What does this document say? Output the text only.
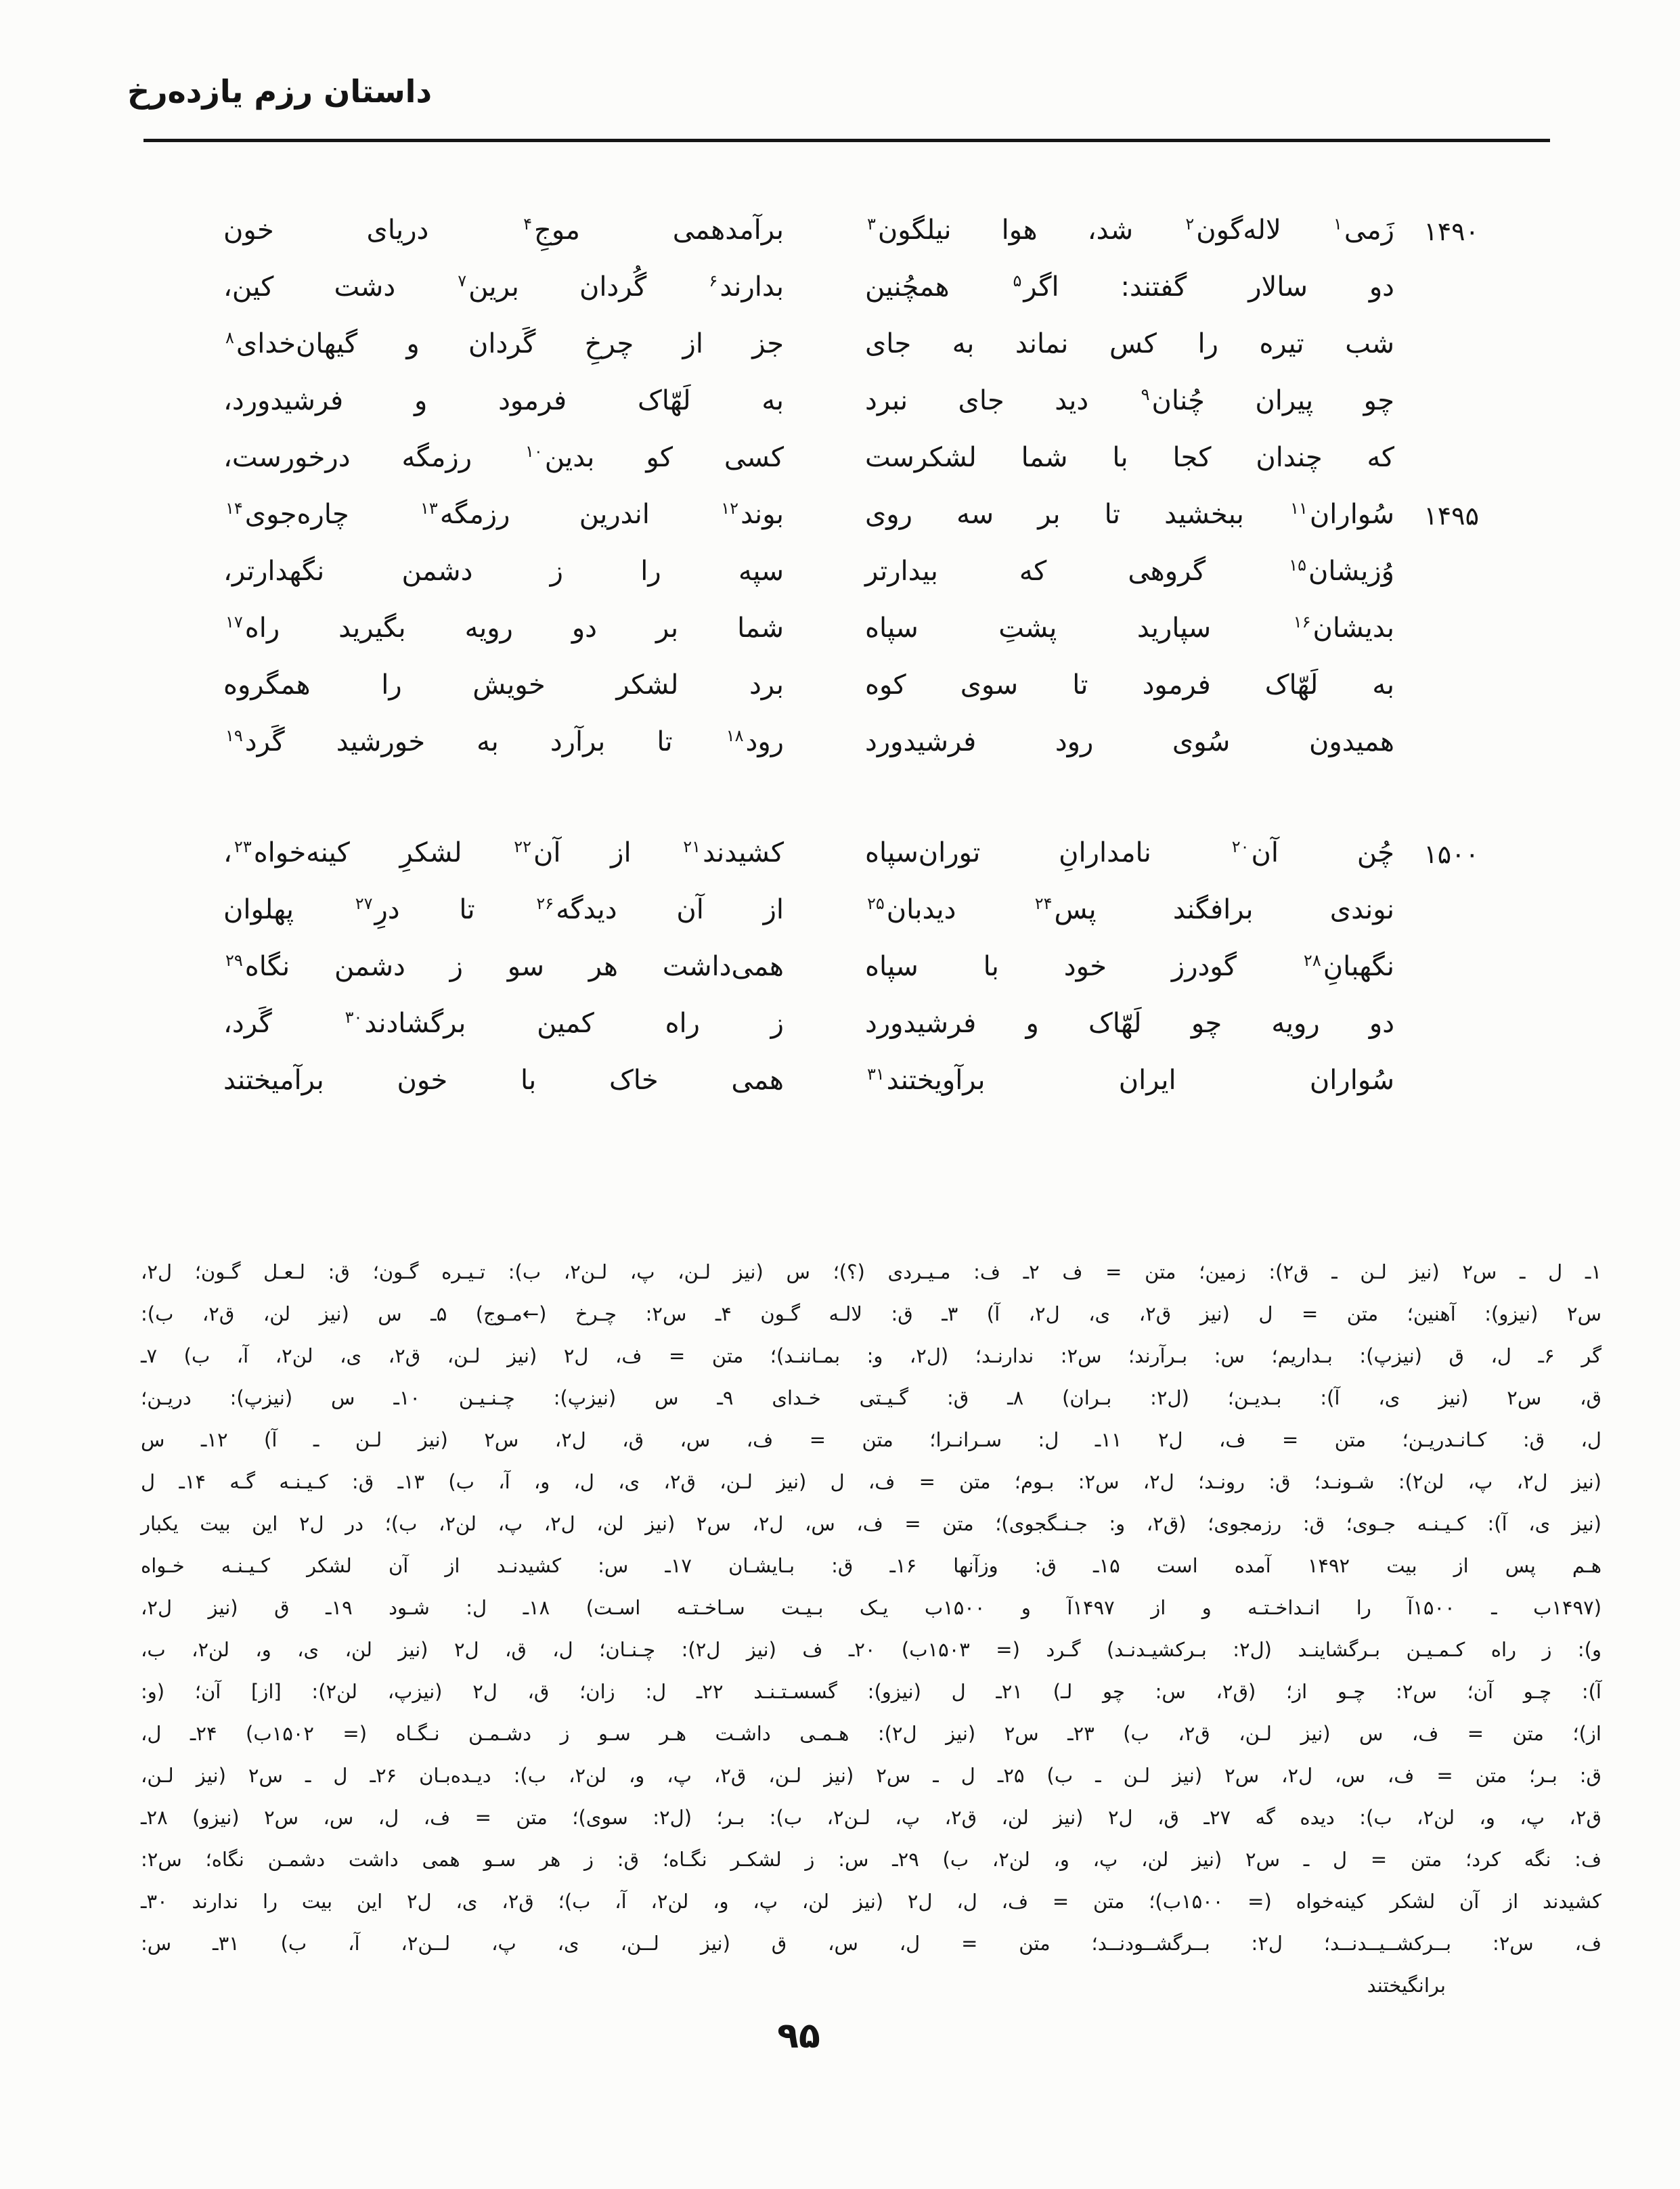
داستان رزم یازده‌رخ
۱۴۹۰
۱۴۹۵
۱۵۰۰
زَمی$^۱$ لاله‌گون$^۲$ شد، هوا نیلگون$^۳$
برآمدهمی موجِ$^۴$ دریای خون
دو سالار گفتند: اگر$^۵$ همچُنین
بدارند$^۶$ گُردان برین$^۷$ دشت کین،
شب تیره را کس نماند به جای
جز از چرخِ گَردان و گیهان‌خدای$^۸$
چو پیران چُنان$^۹$ دید جای نبرد
به لَهّاک فرمود و فرشیدورد،
که چندان کجا با شما لشکرست
کسی کو بدین$^{۱۰}$ رزمگه درخورست،
سُواران$^{۱۱}$ ببخشید تا بر سه روی
بوند$^{۱۲}$ اندرین رزمگه$^{۱۳}$ چاره‌جوی$^{۱۴}$
وُزیشان$^{۱۵}$ گروهی که بیدارتر
سپه را ز دشمن نگهدارتر،
بدیشان$^{۱۶}$ سپارید پشتِ سپاه
شما بر دو رویه بگیرید راه$^{۱۷}$
به لَهّاک فرمود تا سوی کوه
برد لشکر خویش را همگروه
همیدون سُوی رود فرشیدورد
رود$^{۱۸}$ تا برآرد به خورشید گَرد$^{۱۹}$
چُن آن$^{۲۰}$ نامدارانِ توران‌سپاه
کشیدند$^{۲۱}$ از آن$^{۲۲}$ لشکرِ کینه‌خواه$^{۲۳}$،
نوندی برافگند پس$^{۲۴}$ دیدبان$^{۲۵}$
از آن دیدگه$^{۲۶}$ تا درِ$^{۲۷}$ پهلوان
نگهبانِ$^{۲۸}$ گودرز خود با سپاه
همی‌داشت هر سو ز دشمن نگاه$^{۲۹}$
دو رویه چو لَهّاک و فرشیدورد
ز راه کمین برگشادند$^{۳۰}$ گَرد،
سُواران ایران برآویختند$^{۳۱}$
همی خاک با خون برآمیختند
۱ـ ل ـ س۲ (نیز لـن ـ ق۲): زمین؛ متن = ف ۲ـ ف: مـیـردی (؟)؛ س (نیز لـن، پ، لـن۲، ب): تـیـره گـون؛ ق: لـعـل گـون؛ ل۲،
س۲ (نیزو): آهنین؛ متن = ل (نیز ق۲، ی، ل۲، آ) ۳ـ ق: لالـه گـون ۴ـ س۲: چـرخ (←مـوج) ۵ـ س (نیز لن، ق۲، ب):
گر ۶ـ ل، ق (نیزپ): بـداریم؛ س: بـرآرند؛ س۲: ندارنـد؛ (ل۲، و: بمـاننـد)؛ متن = ف، ل۲ (نیز لـن، ق۲، ی، لن۲، آ، ب) ۷ـ
ق، س۲ (نیز ی، آ): بـدیـن؛ (ل۲: بـران) ۸ـ ق: گـیـتی خـدای ۹ـ س (نیزپ): چـنـیـن ۱۰ـ س (نیزپ): دریـن؛
ل، ق: کـانـدریـن؛ متن = ف، ل۲ ۱۱ـ ل: سـرانـرا؛ متن = ف، س، ق، ل۲، س۲ (نیز لـن ـ آ) ۱۲ـ س
(نیز ل۲، پ، لن۲): شـونـد؛ ق: رونـد؛ ل۲، س۲: بـوم؛ متن = ف، ل (نیز لـن، ق۲، ی، ل، و، آ، ب) ۱۳ـ ق: کـیـنـه گـه ۱۴ـ ل
(نیز ی، آ): کـیـنـه جـوی؛ ق: رزمجوی؛ (ق۲، و: جـنـگجوی)؛ متن = ف، س، ل۲، س۲ (نیز لن، ل۲، پ، لن۲، ب)؛ در ل۲ این بیت یکبار
هـم پس از بیت ۱۴۹۲ آمده است ۱۵ـ ق: وزآنها ۱۶ـ ق: بـایشـان ۱۷ـ س: کشیدنـد از آن لشکر کـیـنـه خـواه
(۱۴۹۷ب ـ ۱۵۰۰آ را انـداخـتـه و از ۱۴۹۷آ و ۱۵۰۰ب یـک بـیـت سـاخـتـه اسـت) ۱۸ـ ل: شـود ۱۹ـ ق (نیز ل۲،
و): ز راه کـمـیـن بـرگشاینـد (ل۲: بـرکشیـدنـد) گـرد (= ۱۵۰۳ب) ۲۰ـ ف (نیز ل۲): چـنـان؛ ل، ق، ل۲ (نیز لن، ی، و، لن۲، ب،
آ): چـو آن؛ س۲: چـو از؛ (ق۲، س: چو لـ) ۲۱ـ ل (نیزو): گسسـتـنـد ۲۲ـ ل: زان؛ ق، ل۲ (نیزپ، لن۲): [از] آن؛ (و:
از)؛ متن = ف، س (نیز لـن، ق۲، ب) ۲۳ـ س۲ (نیز ل۲): هـمـی داشـت هـر سـو ز دشـمـن نـگـاه (= ۱۵۰۲ب) ۲۴ـ ل،
ق: بـر؛ متن = ف، س، ل۲، س۲ (نیز لـن ـ ب) ۲۵ـ ل ـ س۲ (نیز لـن، ق۲، پ، و، لن۲، ب): دیـده‌بـان ۲۶ـ ل ـ س۲ (نیز لـن،
ق۲، پ، و، لن۲، ب): دیده گه ۲۷ـ ق، ل۲ (نیز لن، ق۲، پ، لـن۲، ب): بـر؛ (ل۲: سوی)؛ متن = ف، ل، س، س۲ (نیزو) ۲۸ـ
ف: نگه کرد؛ متن = ل ـ س۲ (نیز لن، پ، و، لن۲، ب) ۲۹ـ س: ز لشکـر نگـاه؛ ق: ز هر سـو همی داشت دشمـن نگاه؛ س۲:
کشیدند از آن لشکر کینه‌خواه (= ۱۵۰۰ب)؛ متن = ف، ل، ل۲ (نیز لن، پ، و، لن۲، آ، ب)؛ ق۲، ی، ل۲ این بیت را ندارند ۳۰ـ
ف، س۲: بــرکشــیــدنــد؛ ل۲: بــرگشــودنــد؛ متن = ل، س، ق (نیز لــن، ی، پ، لــن۲، آ، ب) ۳۱ـ س:
برانگیختند
۹۵
